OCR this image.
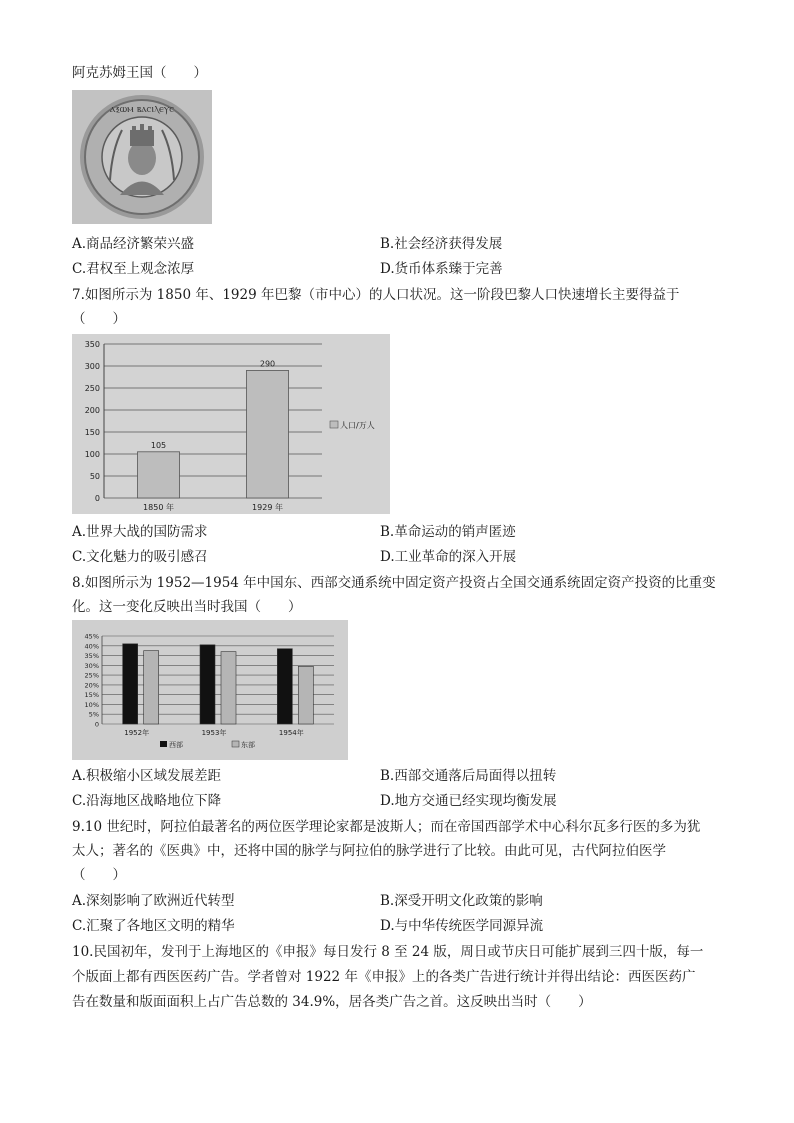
阿克苏姆王国（　　）
ⲁⲝⲱⲙ ⲃⲁⲥⲓⲗⲉⲩⲥ
A.商品经济繁荣兴盛	B.社会经济获得发展
C.君权至上观念浓厚	D.货币体系臻于完善
7.如图所示为 1850 年、1929 年巴黎（市中心）的人口状况。这一阶段巴黎人口快速增长主要得益于
（　　）
0
50
100
150
200
250
300
350
105
1850 年
290
1929 年
人口/万人
A.世界大战的国防需求	B.革命运动的销声匿迹
C.文化魅力的吸引感召	D.工业革命的深入开展
8.如图所示为 1952—1954 年中国东、西部交通系统中固定资产投资占全国交通系统固定资产投资的比重变
化。这一变化反映出当时我国（　　）
0
5%
10%
15%
20%
25%
30%
35%
40%
45%
1952年	1953年	1954年
西部	东部
A.积极缩小区域发展差距	B.西部交通落后局面得以扭转
C.沿海地区战略地位下降	D.地方交通已经实现均衡发展
9.10 世纪时，阿拉伯最著名的两位医学理论家都是波斯人；而在帝国西部学术中心科尔瓦多行医的多为犹
太人；著名的《医典》中，还将中国的脉学与阿拉伯的脉学进行了比较。由此可见，古代阿拉伯医学
（　　）
A.深刻影响了欧洲近代转型	B.深受开明文化政策的影响
C.汇聚了各地区文明的精华	D.与中华传统医学同源异流
10.民国初年，发刊于上海地区的《申报》每日发行 8 至 24 版，周日或节庆日可能扩展到三四十版，每一
个版面上都有西医医药广告。学者曾对 1922 年《申报》上的各类广告进行统计并得出结论：西医医药广
告在数量和版面面积上占广告总数的 34.9%，居各类广告之首。这反映出当时（　　）
